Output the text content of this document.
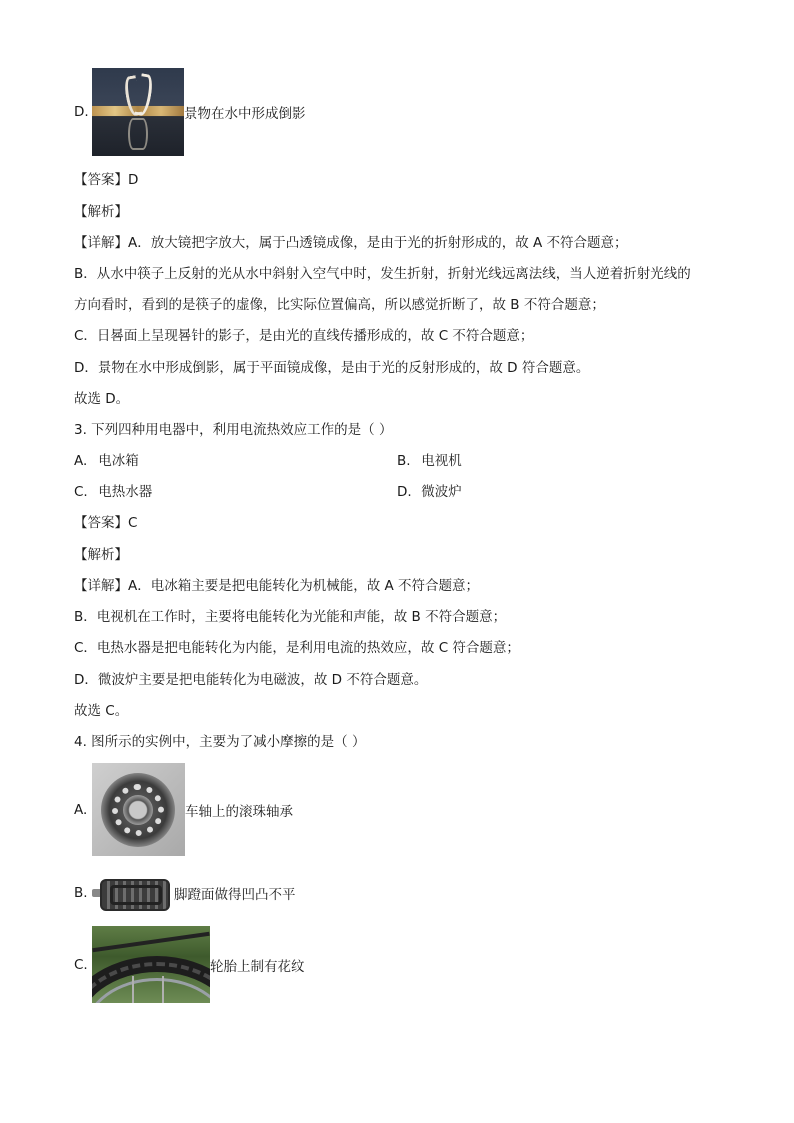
D.	景物在水中形成倒影
【答案】D
【解析】
【详解】A．放大镜把字放大，属于凸透镜成像，是由于光的折射形成的，故 A 不符合题意；
B．从水中筷子上反射的光从水中斜射入空气中时，发生折射，折射光线远离法线，当人逆着折射光线的
方向看时，看到的是筷子的虚像，比实际位置偏高，所以感觉折断了，故 B 不符合题意；
C．日晷面上呈现晷针的影子，是由光的直线传播形成的，故 C 不符合题意；
D．景物在水中形成倒影，属于平面镜成像，是由于光的反射形成的，故 D 符合题意。
故选 D。
3. 下列四种用电器中，利用电流热效应工作的是（ ）
A. 电冰箱	B. 电视机
C. 电热水器	D. 微波炉
【答案】C
【解析】
【详解】A．电冰箱主要是把电能转化为机械能，故 A 不符合题意；
B．电视机在工作时，主要将电能转化为光能和声能，故 B 不符合题意；
C．电热水器是把电能转化为内能，是利用电流的热效应，故 C 符合题意；
D．微波炉主要是把电能转化为电磁波，故 D 不符合题意。
故选 C。
4. 图所示的实例中，主要为了减小摩擦的是（ ）
A.	车轴上的滚珠轴承
B.	脚蹬面做得凹凸不平
C.	轮胎上制有花纹
